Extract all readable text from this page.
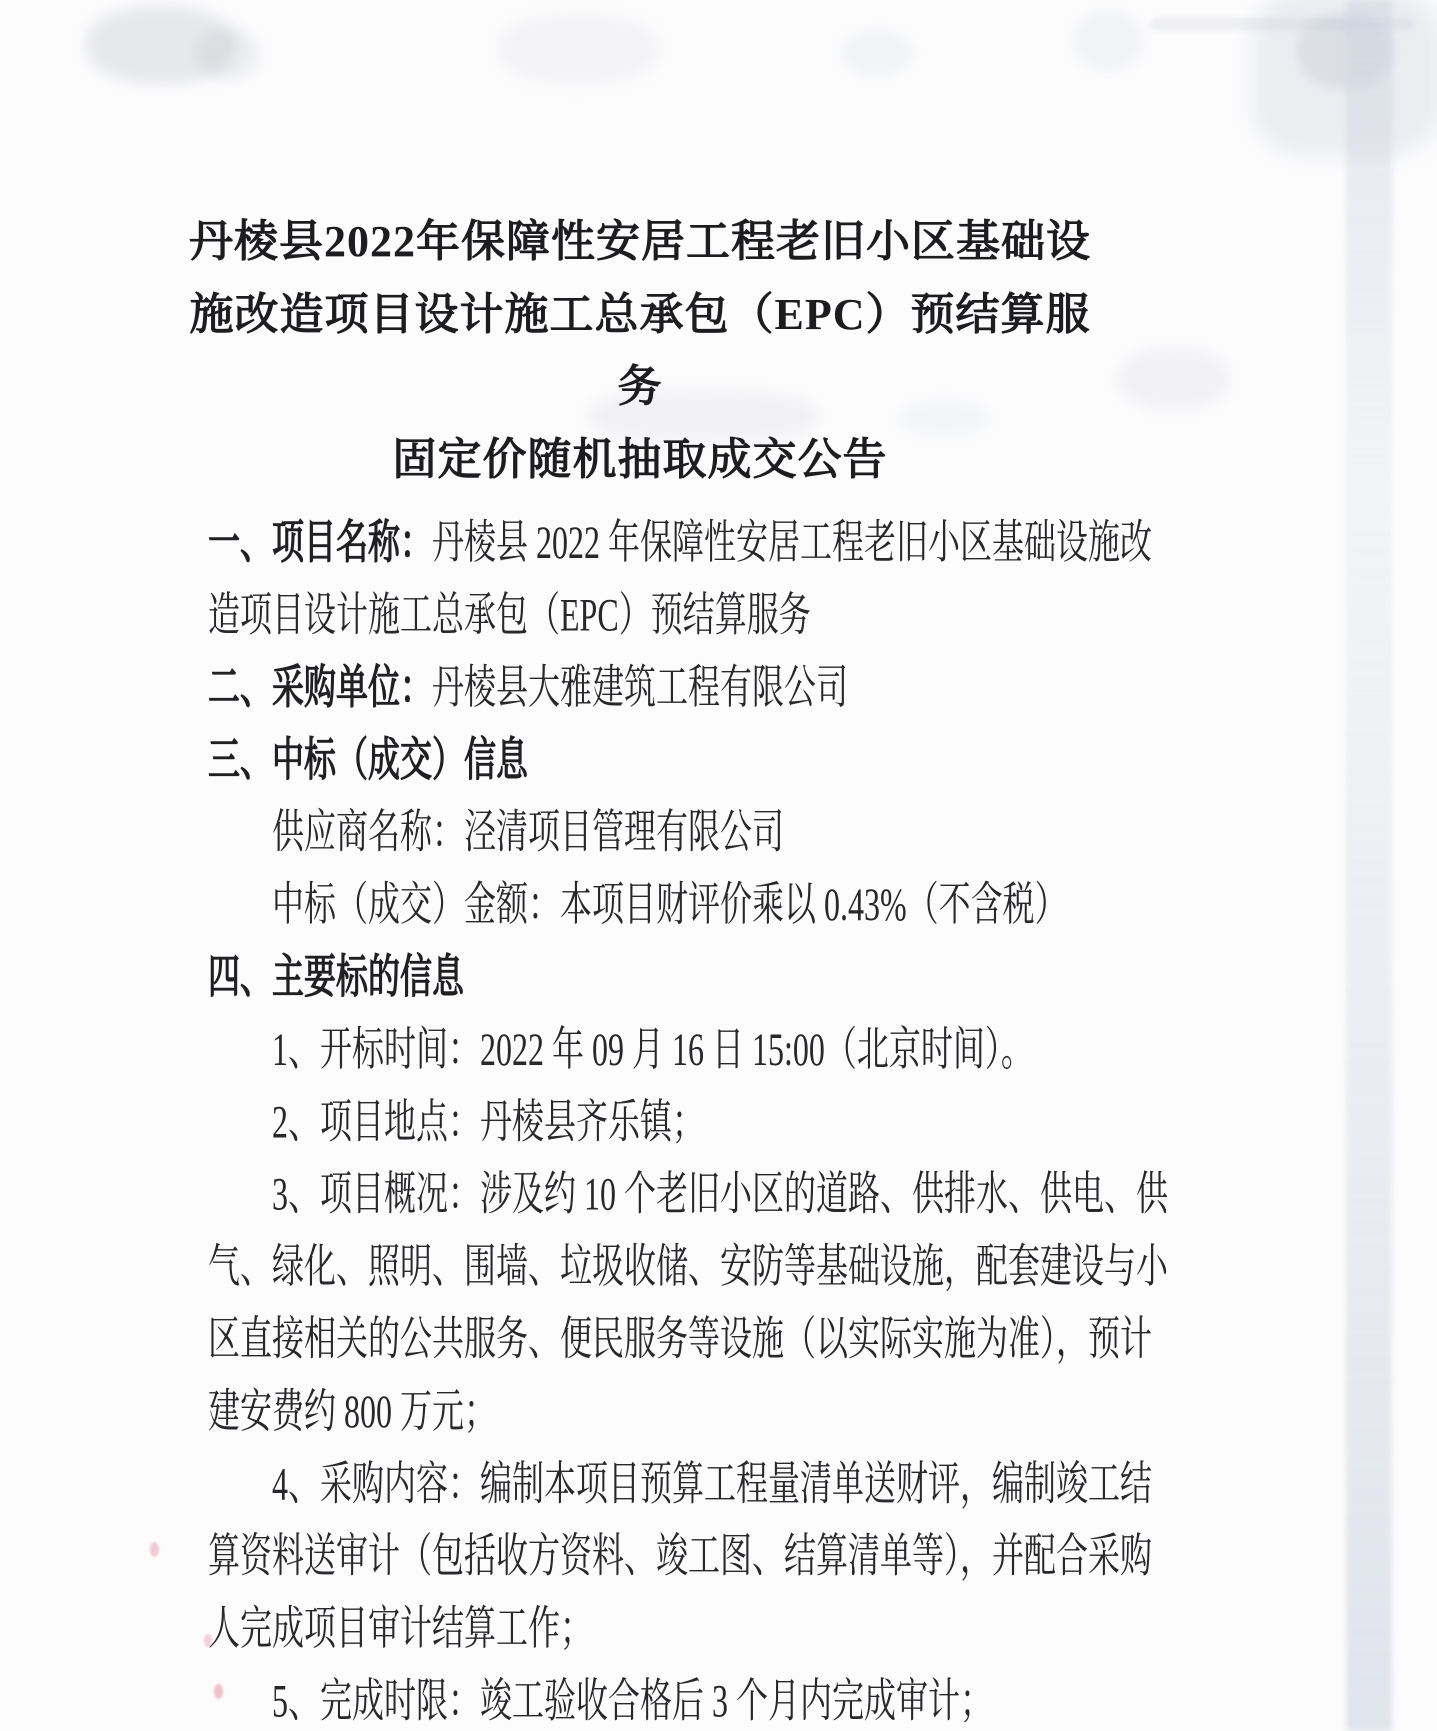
丹棱县2022年保障性安居工程老旧小区基础设
施改造项目设计施工总承包（EPC）预结算服务
固定价随机抽取成交公告
一、项目名称：丹棱县 2022 年保障性安居工程老旧小区基础设施改
造项目设计施工总承包（EPC）预结算服务
二、采购单位：丹棱县大雅建筑工程有限公司
三、中标（成交）信息
供应商名称：泾清项目管理有限公司
中标（成交）金额：本项目财评价乘以 0.43%（不含税）
四、主要标的信息
1、开标时间：2022 年 09 月 16 日 15:00（北京时间）。
2、项目地点：丹棱县齐乐镇；
3、项目概况：涉及约 10 个老旧小区的道路、供排水、供电、供
气、绿化、照明、围墙、垃圾收储、安防等基础设施，配套建设与小
区直接相关的公共服务、便民服务等设施（以实际实施为准），预计
建安费约 800 万元；
4、采购内容：编制本项目预算工程量清单送财评，编制竣工结
算资料送审计（包括收方资料、竣工图、结算清单等），并配合采购
人完成项目审计结算工作；
5、完成时限：竣工验收合格后 3 个月内完成审计；
